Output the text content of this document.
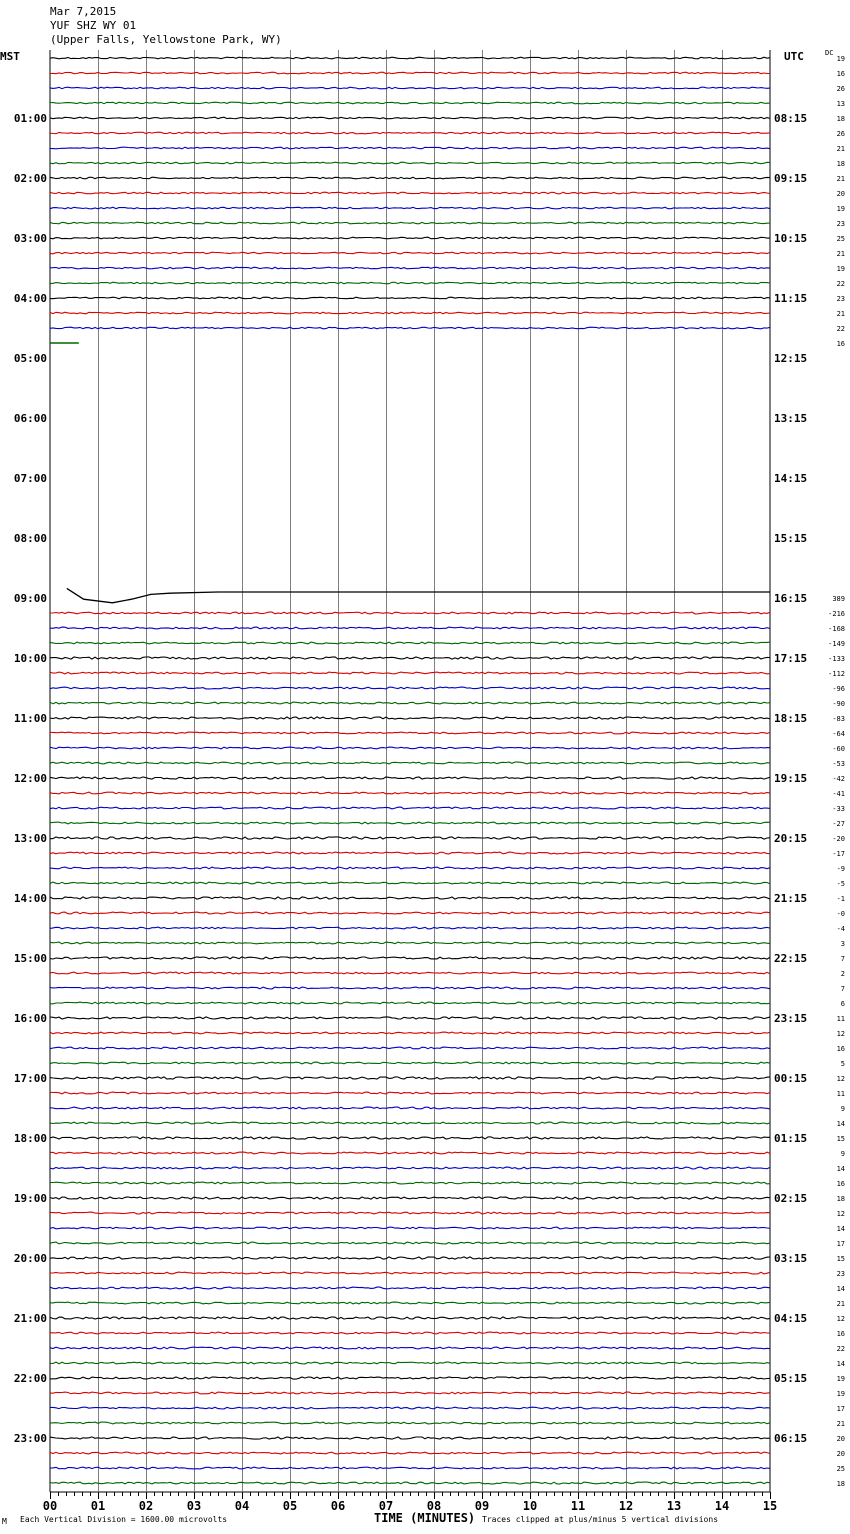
Mar 7,2015
YUF SHZ WY 01
(Upper Falls, Yellowstone Park, WY)
MST	UTC	DC
00	01	02	03	04	05	06	07	08	09	10	11	12	13	14	15
01:00	08:15
02:00	09:15
03:00	10:15
04:00	11:15
05:00	12:15
06:00	13:15
07:00	14:15
08:00	15:15
09:00	16:15
10:00	17:15
11:00	18:15
12:00	19:15
13:00	20:15
14:00	21:15
15:00	22:15
16:00	23:15
17:00	00:15
18:00	01:15
19:00	02:15
20:00	03:15
21:00	04:15
22:00	05:15
23:00	06:15
19
16
26
13
18
26
21
18
21
20
19
23
25
21
19
22
23
21
22
16
389
-216
-168
-149
-133
-112
-96
-90
-83
-64
-60
-53
-42
-41
-33
-27
-20
-17
-9
-5
-1
-0
-4
3
7
2
7
6
11
12
16
5
12
11
9
14
15
9
14
16
18
12
14
17
15
23
14
21
12
16
22
14
19
19
17
21
20
20
25
18
M Each Vertical Division = 1600.00 microvolts	TIME (MINUTES) Traces clipped at plus/minus 5 vertical divisions
